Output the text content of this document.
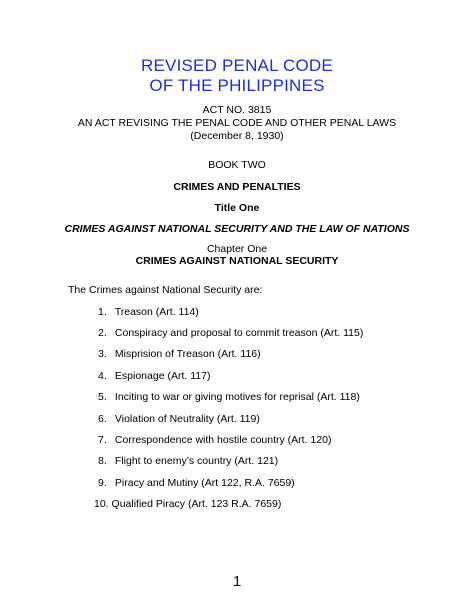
REVISED PENAL CODE
OF THE PHILIPPINES
ACT NO. 3815
AN ACT REVISING THE PENAL CODE AND OTHER PENAL LAWS
(December 8, 1930)
BOOK TWO
CRIMES AND PENALTIES
Title One
CRIMES AGAINST NATIONAL SECURITY AND THE LAW OF NATIONS
Chapter One
CRIMES AGAINST NATIONAL SECURITY
The Crimes against National Security are:
1. Treason (Art. 114)
2. Conspiracy and proposal to commit treason (Art. 115)
3. Misprision of Treason (Art. 116)
4. Espionage (Art. 117)
5. Inciting to war or giving motives for reprisal (Art. 118)
6. Violation of Neutrality (Art. 119)
7. Correspondence with hostile country (Art. 120)
8. Flight to enemy’s country (Art. 121)
9. Piracy and Mutiny (Art 122, R.A. 7659)
10. Qualified Piracy (Art. 123 R.A. 7659)
1
